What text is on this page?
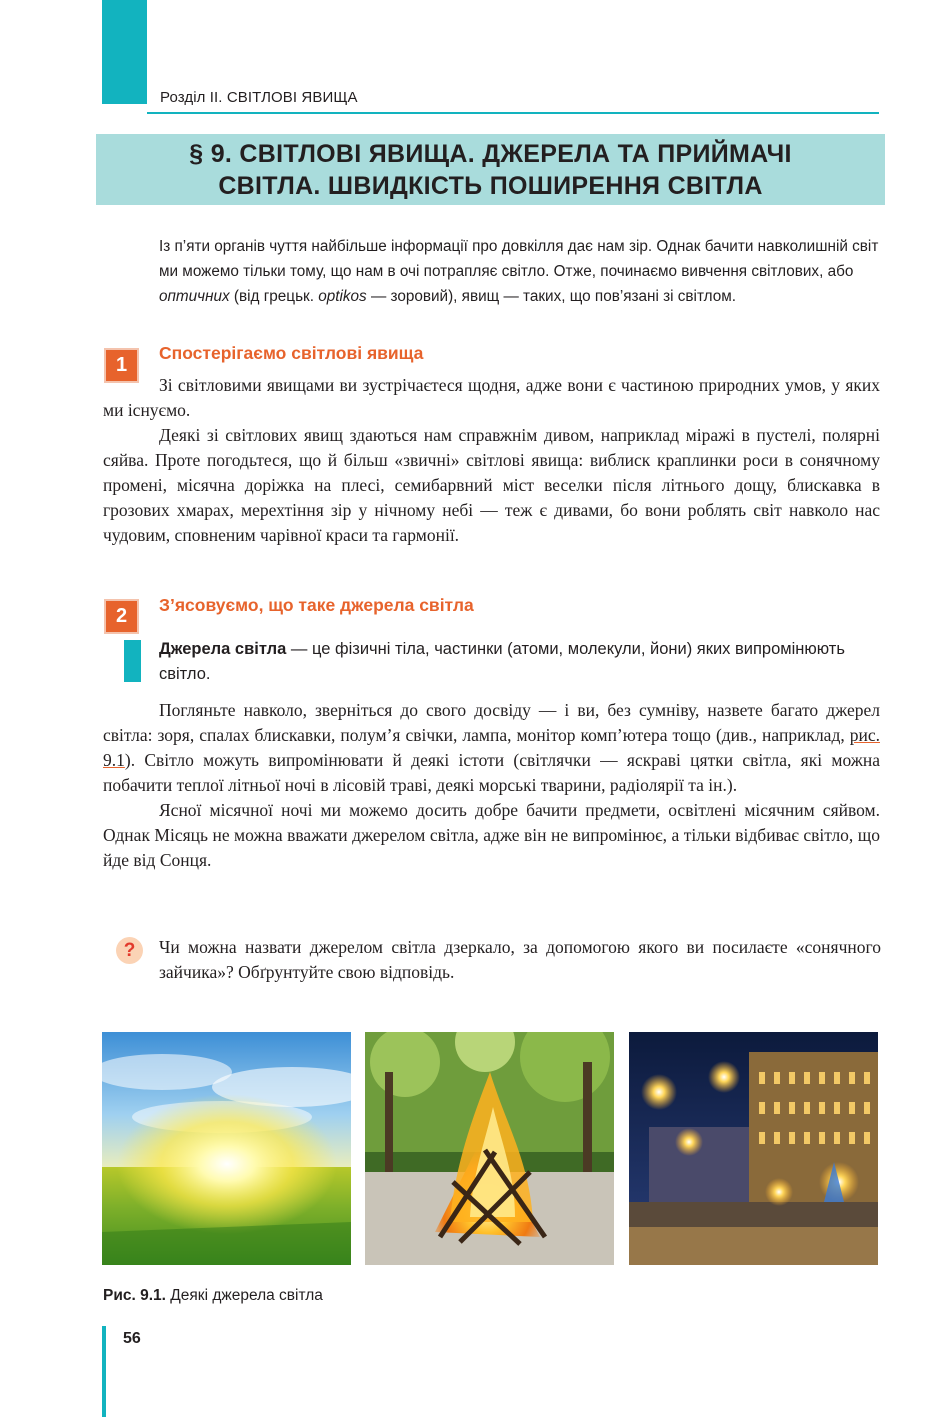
Розділ ІІ. СВІТЛОВІ ЯВИЩА
§ 9. СВІТЛОВІ ЯВИЩА. ДЖЕРЕЛА ТА ПРИЙМАЧІ
СВІТЛА. ШВИДКІСТЬ ПОШИРЕННЯ СВІТЛА
Із п’яти органів чуття найбільше інформації про довкілля дає нам зір. Однак бачити навколишній світ ми можемо тільки тому, що нам в очі потрапляє світло. Отже, починаємо вивчення світлових, або оптичних (від грецьк. optikos — зоровий), явищ — таких, що пов’язані зі світлом.
1
Спостерігаємо світлові явища

Зі світловими явищами ви зустрічаєтеся щодня, адже вони є частиною природних умов, у яких ми існуємо.

Деякі зі світлових явищ здаються нам справжнім дивом, наприклад міражі в пустелі, полярні сяйва. Проте погодьтеся, що й більш «звичні» світлові явища: виблиск краплинки роси в сонячному промені, місячна доріжка на плесі, семибарвний міст веселки після літнього дощу, блискавка в грозових хмарах, мерехтіння зір у нічному небі — теж є дивами, бо вони роблять світ навколо нас чудовим, сповненим чарівної краси та гармонії.

2	З’ясовуємо, що таке джерела світла
Джерела світла — це фізичні тіла, частинки (атоми, молекули, йони) яких випромінюють світло.

Погляньте навколо, зверніться до свого досвіду — і ви, без сумніву, назвете багато джерел світла: зоря, спалах блискавки, полум’я свічки, лампа, монітор комп’ютера тощо (див., наприклад, рис. 9.1). Світло можуть випромінювати й деякі істоти (світлячки — яскраві цятки світла, які можна побачити теплої літньої ночі в лісовій траві, деякі морські тварини, радіолярії та ін.).

Ясної місячної ночі ми можемо досить добре бачити предмети, освітлені місячним сяйвом. Однак Місяць не можна вважати джерелом світла, адже він не випромінює, а тільки відбиває світло, що йде від Сонця.

?	Чи можна назвати джерелом світла дзеркало, за допомогою якого ви посилаєте «сонячного зайчика»? Обґрунтуйте свою відповідь.
Рис. 9.1. Деякі джерела світла
56
